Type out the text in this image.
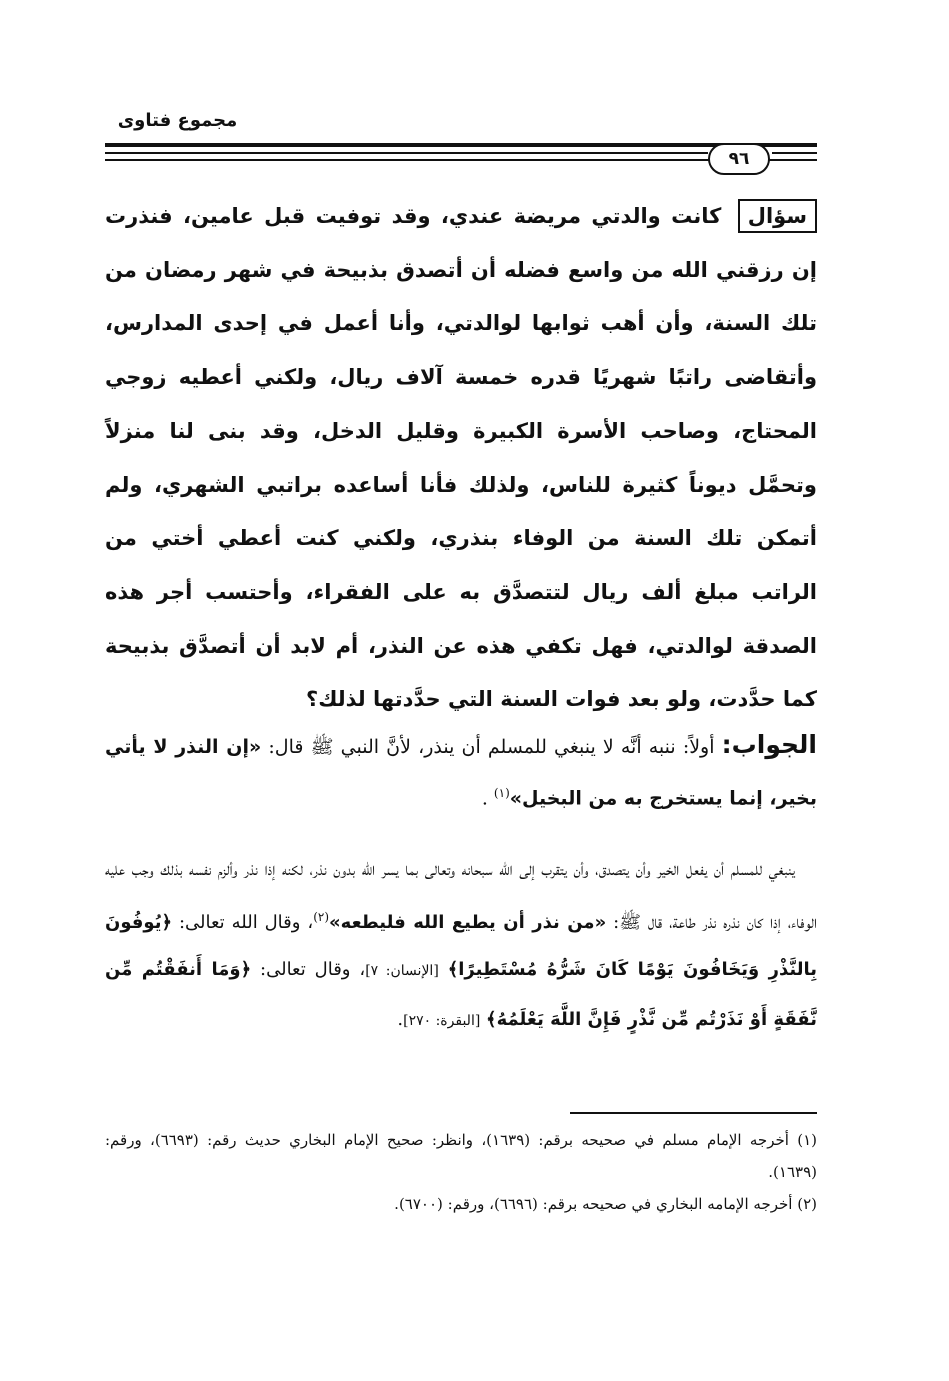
مجموع فتاوى
٩٦
سؤال كانت والدتي مريضة عندي، وقد توفيت قبل عامين، فنذرت إن رزقني الله من واسع فضله أن أتصدق بذبيحة في شهر رمضان من تلك السنة، وأن أهب ثوابها لوالدتي، وأنا أعمل في إحدى المدارس، وأتقاضى راتبًا شهريًا قدره خمسة آلاف ريال، ولكني أعطيه زوجي المحتاج، وصاحب الأسرة الكبيرة وقليل الدخل، وقد بنى لنا منزلاً وتحمَّل ديوناً كثيرة للناس، ولذلك فأنا أساعده براتبي الشهري، ولم أتمكن تلك السنة من الوفاء بنذري، ولكني كنت أعطي أختي من الراتب مبلغ ألف ريال لتتصدَّق به على الفقراء، وأحتسب أجر هذه الصدقة لوالدتي، فهل تكفي هذه عن النذر، أم لابد أن أتصدَّق بذبيحة كما حدَّدت، ولو بعد فوات السنة التي حدَّدتها لذلك؟
الجواب: أولاً: ننبه أنَّه لا ينبغي للمسلم أن ينذر، لأنَّ النبي ﷺ قال: «إن النذر لا يأتي بخير، إنما يستخرج به من البخيل»$^{(١)}$ .
ينبغي للمسلم أن يفعل الخير وأن يتصدق، وأن يتقرب إلى الله سبحانه وتعالى بما يسر الله بدون نذر، لكنه إذا نذر وألزم نفسه بذلك وجب عليه الوفاء، إذا كان نذره نذر طاعة، قال ﷺ: «من نذر أن يطيع الله فليطعه»$^{(٢)}$، وقال الله تعالى: ﴿يُوفُونَ بِالنَّذْرِ وَيَخَافُونَ يَوْمًا كَانَ شَرُّهُ مُسْتَطِيرًا﴾ [الإنسان: ٧]، وقال تعالى: ﴿وَمَا أَنفَقْتُم مِّن نَّفَقَةٍ أَوْ نَذَرْتُم مِّن نَّذْرٍ فَإِنَّ اللَّهَ يَعْلَمُهُ﴾ [البقرة: ٢٧٠].

(١) أخرجه الإمام مسلم في صحيحه برقم: (١٦٣٩)، وانظر: صحيح الإمام البخاري حديث رقم: (٦٦٩٣)، ورقم: (١٦٣٩).

(٢) أخرجه الإمامه البخاري في صحيحه برقم: (٦٦٩٦)، ورقم: (٦٧٠٠).
